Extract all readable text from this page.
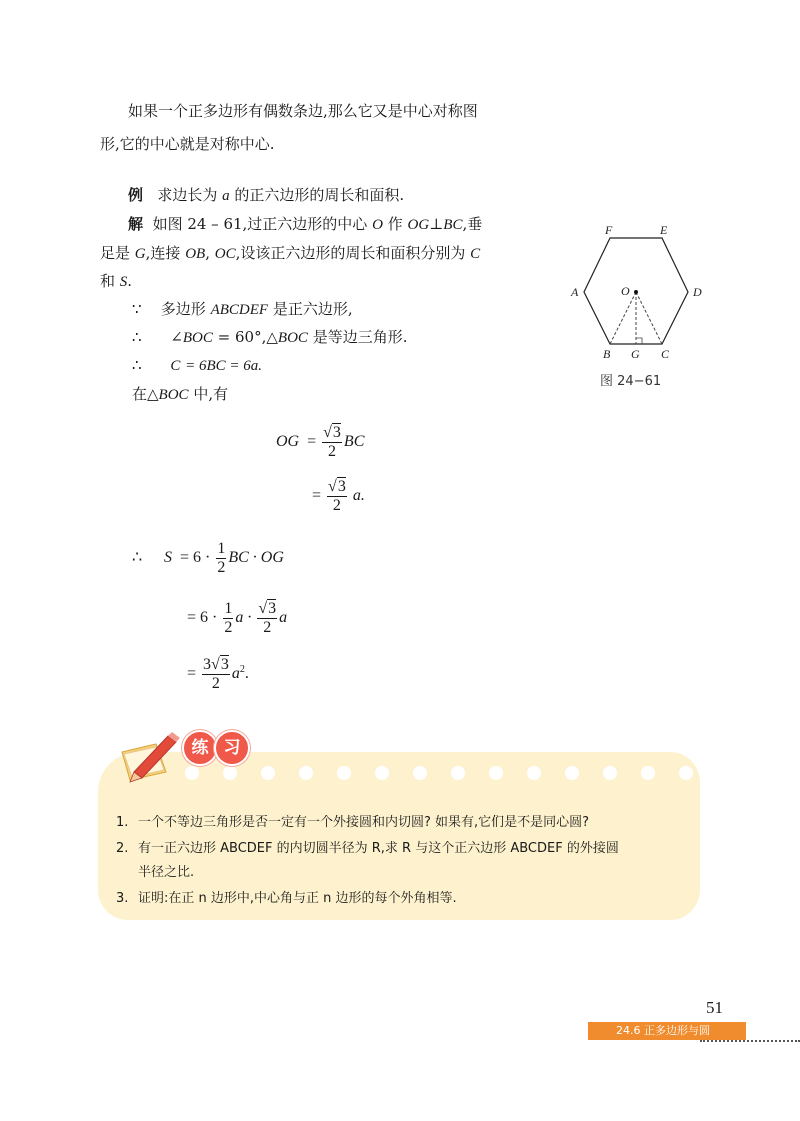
如果一个正多边形有偶数条边,那么它又是中心对称图
形,它的中心就是对称中心.
例 求边长为 a 的正六边形的周长和面积.
解 如图 24 – 61,过正六边形的中心 O 作 OG⊥BC,垂
足是 G,连接 OB, OC,设该正六边形的周长和面积分别为 C
和 S.
∵ 多边形 ABCDEF 是正六边形,
∴ ∠BOC = 60°,△BOC 是等边三角形.
∴ C = 6BC = 6a.
在△BOC 中,有
OG = $\frac{√3}{2}$ BC
= $\frac{√3}{2} a$.
∴ $S = 6 \cdot \frac{1}{2}$ BC · OG
= $6 \cdot \frac{1}{2}$ $a \cdot \frac{√3}{2}$ a
= $\frac{3√3}{2} a^2$.
F	E
A	D
O
B G C
图 24−61
练 习
1. 一个不等边三角形是否一定有一个外接圆和内切圆? 如果有,它们是不是同心圆?
2. 有一正六边形 ABCDEF 的内切圆半径为 R,求 R 与这个正六边形 ABCDEF 的外接圆
半径之比.
3. 证明:在正 n 边形中,中心角与正 n 边形的每个外角相等.
51
24.6 正多边形与圆
